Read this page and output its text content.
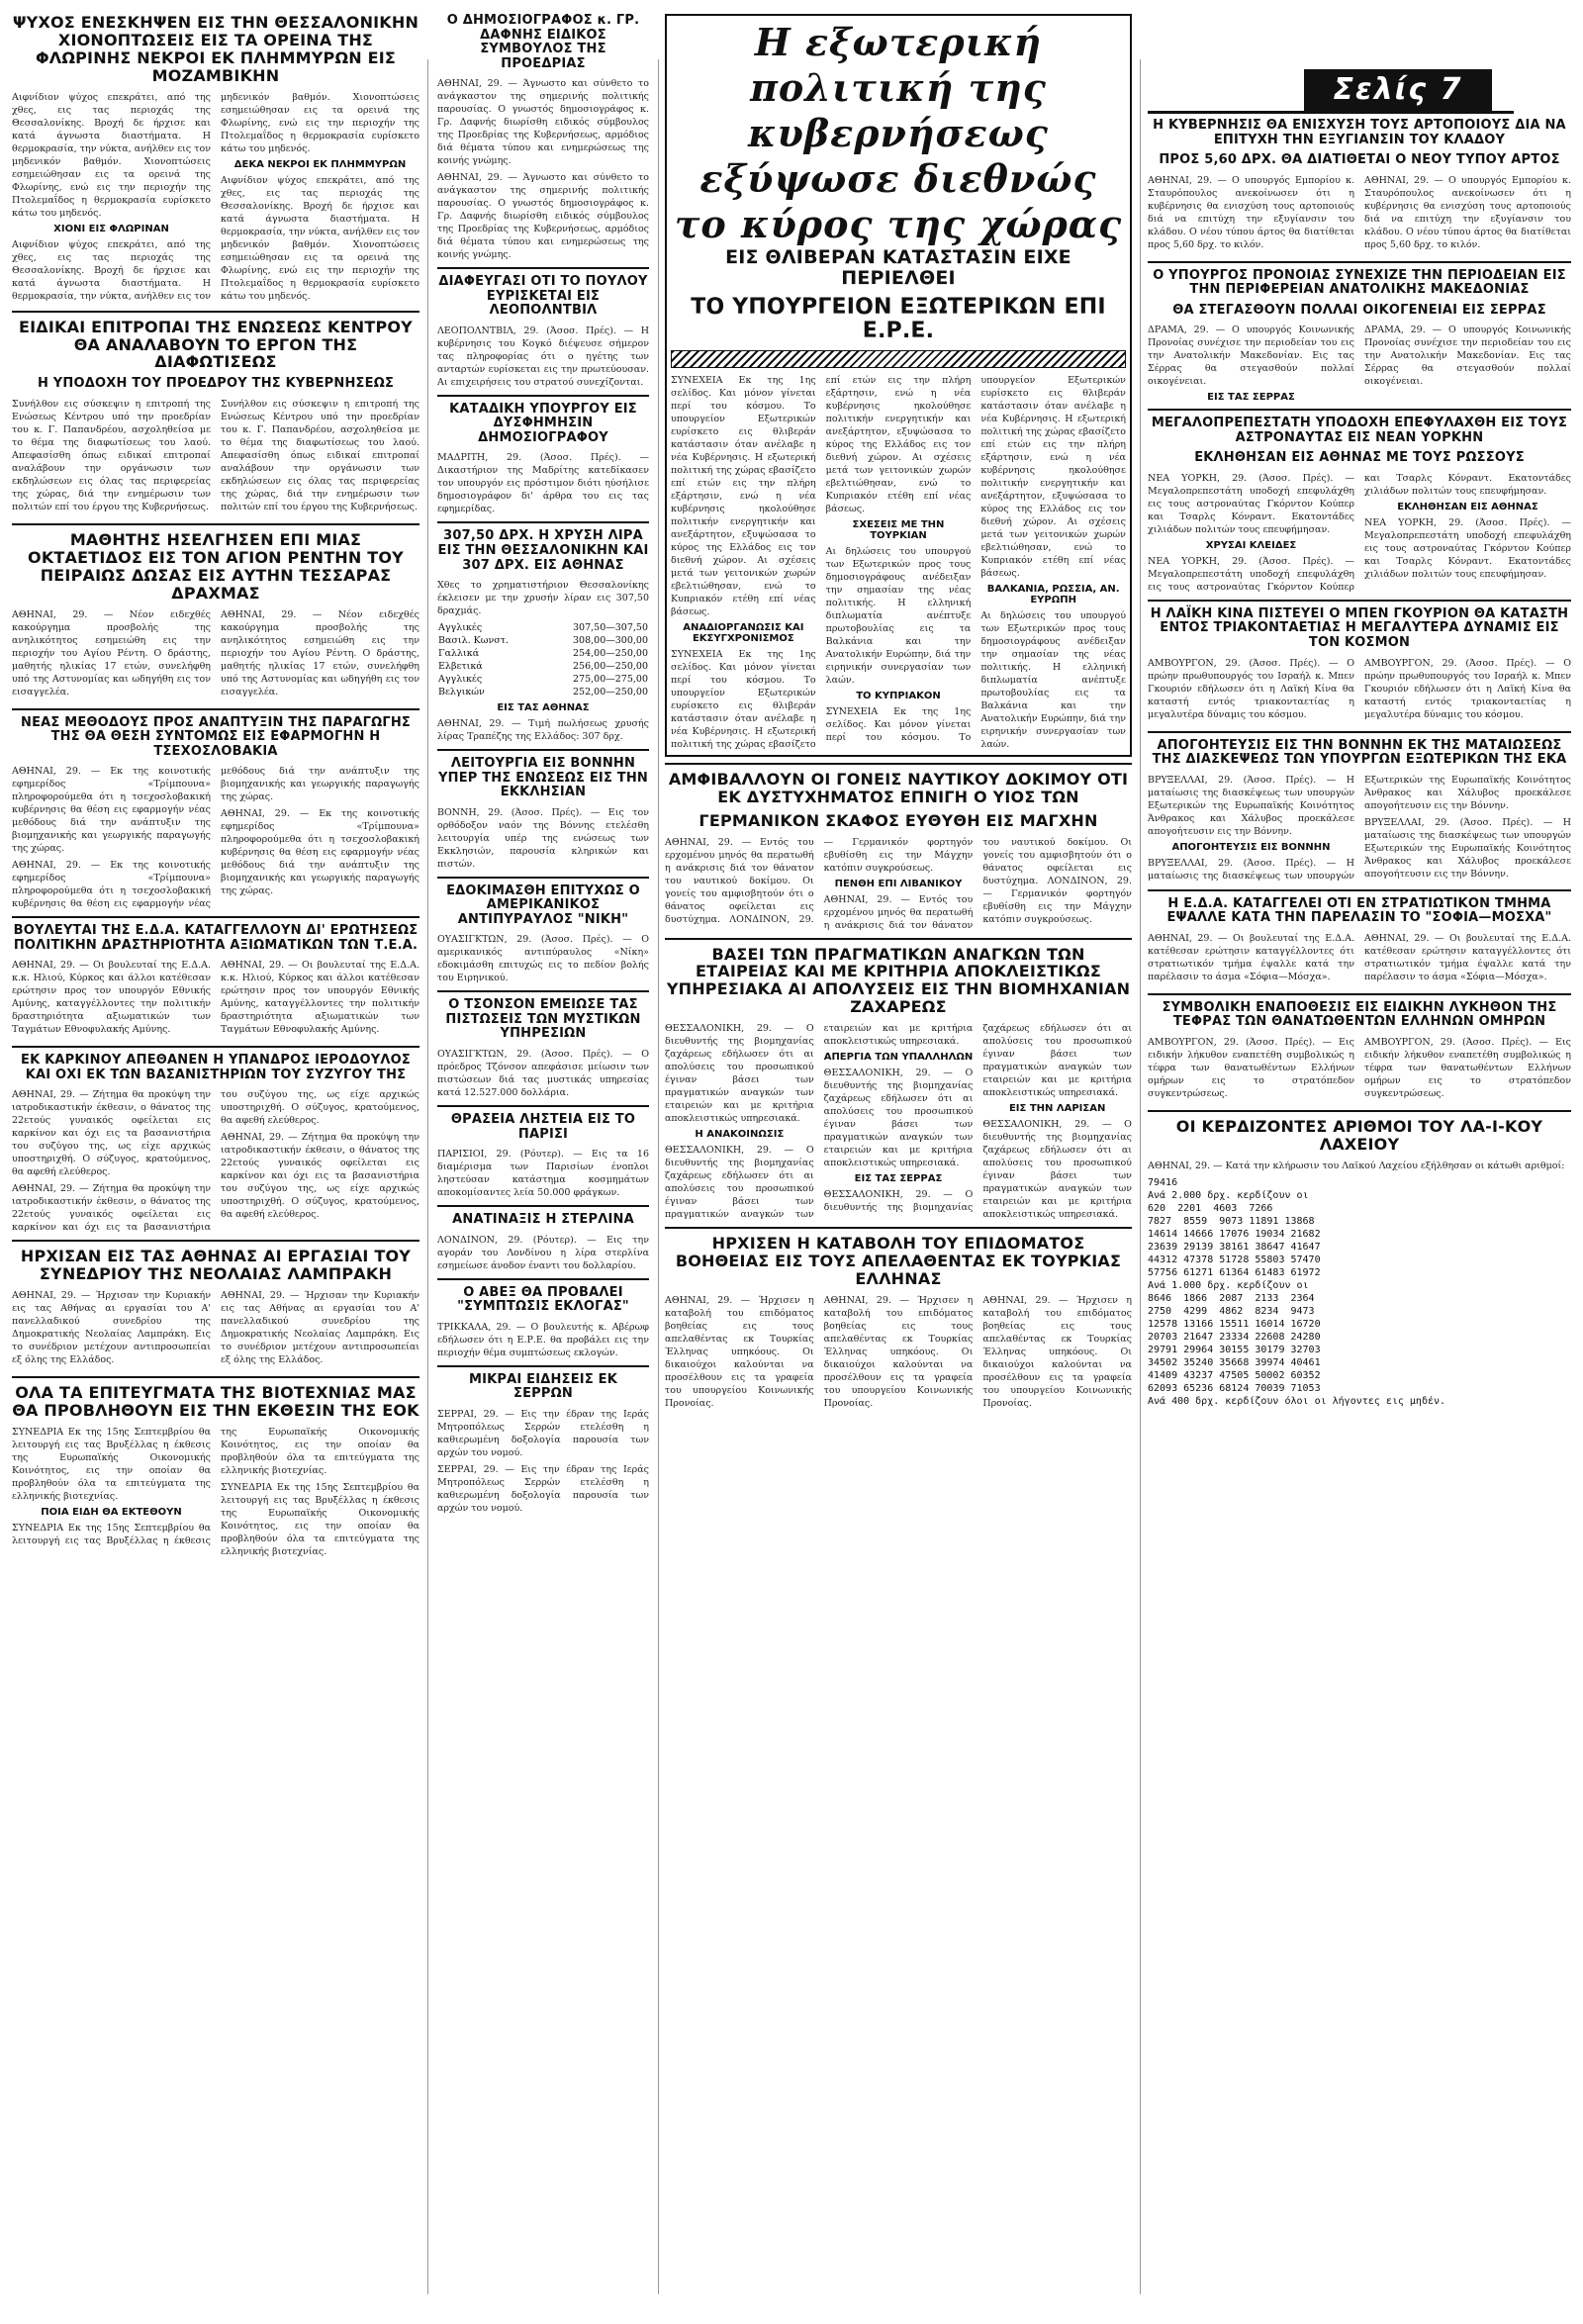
Σελίς 7
ΨΥΧΟΣ ΕΝΕΣΚΗΨΕΝ ΕΙΣ ΤΗΝ ΘΕΣΣΑΛΟΝΙΚΗΝ ΧΙΟΝΟΠΤΩΣΕΙΣ ΕΙΣ ΤΑ ΟΡΕΙΝΑ ΤΗΣ ΦΛΩΡΙΝΗΣ ΝΕΚΡΟΙ ΕΚ ΠΛΗΜΜΥΡΩΝ ΕΙΣ ΜΟΖΑΜΒΙΚΗΝ

Αιφνίδιον ψύχος επεκράτει, από της χθες, εις τας περιοχάς της Θεσσαλονίκης. Βροχή δε ήρχισε και κατά άγνωστα διαστήματα. Η θερμοκρασία, την νύκτα, ανήλθεν εις τον μηδενικόν βαθμόν. Χιονοπτώσεις εσημειώθησαν εις τα ορεινά της Φλωρίνης, ενώ εις την περιοχήν της Πτολεμαΐδος η θερμοκρασία ευρίσκετο κάτω του μηδενός.

ΧΙΟΝΙ ΕΙΣ ΦΛΩΡΙΝΑΝ

Αιφνίδιον ψύχος επεκράτει, από της χθες, εις τας περιοχάς της Θεσσαλονίκης. Βροχή δε ήρχισε και κατά άγνωστα διαστήματα. Η θερμοκρασία, την νύκτα, ανήλθεν εις τον μηδενικόν βαθμόν. Χιονοπτώσεις εσημειώθησαν εις τα ορεινά της Φλωρίνης, ενώ εις την περιοχήν της Πτολεμαΐδος η θερμοκρασία ευρίσκετο κάτω του μηδενός.

ΔΕΚΑ ΝΕΚΡΟΙ ΕΚ ΠΛΗΜΜΥΡΩΝ

Αιφνίδιον ψύχος επεκράτει, από της χθες, εις τας περιοχάς της Θεσσαλονίκης. Βροχή δε ήρχισε και κατά άγνωστα διαστήματα. Η θερμοκρασία, την νύκτα, ανήλθεν εις τον μηδενικόν βαθμόν. Χιονοπτώσεις εσημειώθησαν εις τα ορεινά της Φλωρίνης, ενώ εις την περιοχήν της Πτολεμαΐδος η θερμοκρασία ευρίσκετο κάτω του μηδενός.

ΕΙΔΙΚΑΙ ΕΠΙΤΡΟΠΑΙ ΤΗΣ ΕΝΩΣΕΩΣ ΚΕΝΤΡΟΥ ΘΑ ΑΝΑΛΑΒΟΥΝ ΤΟ ΕΡΓΟΝ ΤΗΣ ΔΙΑΦΩΤΙΣΕΩΣ
Η ΥΠΟΔΟΧΗ ΤΟΥ ΠΡΟΕΔΡΟΥ ΤΗΣ ΚΥΒΕΡΝΗΣΕΩΣ

Συνήλθον εις σύσκεψιν η επιτροπή της Ενώσεως Κέντρου υπό την προεδρίαν του κ. Γ. Παπανδρέου, ασχοληθείσα με το θέμα της διαφωτίσεως του λαού. Απεφασίσθη όπως ειδικαί επιτροπαί αναλάβουν την οργάνωσιν των εκδηλώσεων εις όλας τας περιφερείας της χώρας, διά την ενημέρωσιν των πολιτών επί του έργου της Κυβερνήσεως.

Συνήλθον εις σύσκεψιν η επιτροπή της Ενώσεως Κέντρου υπό την προεδρίαν του κ. Γ. Παπανδρέου, ασχοληθείσα με το θέμα της διαφωτίσεως του λαού. Απεφασίσθη όπως ειδικαί επιτροπαί αναλάβουν την οργάνωσιν των εκδηλώσεων εις όλας τας περιφερείας της χώρας, διά την ενημέρωσιν των πολιτών επί του έργου της Κυβερνήσεως.

ΜΑΘΗΤΗΣ ΗΣΕΛΓΗΣΕΝ ΕΠΙ ΜΙΑΣ ΟΚΤΑΕΤΙΔΟΣ ΕΙΣ ΤΟΝ ΑΓΙΟΝ ΡΕΝΤΗΝ ΤΟΥ ΠΕΙΡΑΙΩΣ ΔΩΣΑΣ ΕΙΣ ΑΥΤΗΝ ΤΕΣΣΑΡΑΣ ΔΡΑΧΜΑΣ

ΑΘΗΝΑΙ, 29. — Νέον ειδεχθές κακούργημα προσβολής της ανηλικότητος εσημειώθη εις την περιοχήν του Αγίου Ρέντη. Ο δράστης, μαθητής ηλικίας 17 ετών, συνελήφθη υπό της Αστυνομίας και ωδηγήθη εις τον εισαγγελέα.

ΑΘΗΝΑΙ, 29. — Νέον ειδεχθές κακούργημα προσβολής της ανηλικότητος εσημειώθη εις την περιοχήν του Αγίου Ρέντη. Ο δράστης, μαθητής ηλικίας 17 ετών, συνελήφθη υπό της Αστυνομίας και ωδηγήθη εις τον εισαγγελέα.

ΝΕΑΣ ΜΕΘΟΔΟΥΣ ΠΡΟΣ ΑΝΑΠΤΥΞΙΝ ΤΗΣ ΠΑΡΑΓΩΓΗΣ ΤΗΣ ΘΑ ΘΕΣΗ ΣΥΝΤΟΜΩΣ ΕΙΣ ΕΦΑΡΜΟΓΗΝ Η ΤΣΕΧΟΣΛΟΒΑΚΙΑ

ΑΘΗΝΑΙ, 29. — Εκ της κοινοτικής εφημερίδος «Τρίμπουνα» πληροφορούμεθα ότι η τσεχοσλοβακική κυβέρνησις θα θέση εις εφαρμογήν νέας μεθόδους διά την ανάπτυξιν της βιομηχανικής και γεωργικής παραγωγής της χώρας.

ΑΘΗΝΑΙ, 29. — Εκ της κοινοτικής εφημερίδος «Τρίμπουνα» πληροφορούμεθα ότι η τσεχοσλοβακική κυβέρνησις θα θέση εις εφαρμογήν νέας μεθόδους διά την ανάπτυξιν της βιομηχανικής και γεωργικής παραγωγής της χώρας.

ΑΘΗΝΑΙ, 29. — Εκ της κοινοτικής εφημερίδος «Τρίμπουνα» πληροφορούμεθα ότι η τσεχοσλοβακική κυβέρνησις θα θέση εις εφαρμογήν νέας μεθόδους διά την ανάπτυξιν της βιομηχανικής και γεωργικής παραγωγής της χώρας.

ΒΟΥΛΕΥΤΑΙ ΤΗΣ Ε.Δ.Α. ΚΑΤΑΓΓΕΛΛΟΥΝ ΔΙ' ΕΡΩΤΗΣΕΩΣ ΠΟΛΙΤΙΚΗΝ ΔΡΑΣΤΗΡΙΟΤΗΤΑ ΑΞΙΩΜΑΤΙΚΩΝ ΤΩΝ Τ.Ε.Α.

ΑΘΗΝΑΙ, 29. — Οι βουλευταί της Ε.Δ.Α. κ.κ. Ηλιού, Κύρκος και άλλοι κατέθεσαν ερώτησιν προς τον υπουργόν Εθνικής Αμύνης, καταγγέλλοντες την πολιτικήν δραστηριότητα αξιωματικών των Ταγμάτων Εθνοφυλακής Αμύνης.

ΑΘΗΝΑΙ, 29. — Οι βουλευταί της Ε.Δ.Α. κ.κ. Ηλιού, Κύρκος και άλλοι κατέθεσαν ερώτησιν προς τον υπουργόν Εθνικής Αμύνης, καταγγέλλοντες την πολιτικήν δραστηριότητα αξιωματικών των Ταγμάτων Εθνοφυλακής Αμύνης.

ΕΚ ΚΑΡΚΙΝΟΥ ΑΠΕΘΑΝΕΝ Η ΥΠΑΝΔΡΟΣ ΙΕΡΟΔΟΥΛΟΣ ΚΑΙ ΟΧΙ ΕΚ ΤΩΝ ΒΑΣΑΝΙΣΤΗΡΙΩΝ ΤΟΥ ΣΥΖΥΓΟΥ ΤΗΣ

ΑΘΗΝΑΙ, 29. — Ζήτημα θα προκύψη την ιατροδικαστικήν έκθεσιν, ο θάνατος της 22ετούς γυναικός οφείλεται εις καρκίνον και όχι εις τα βασανιστήρια του συζύγου της, ως είχε αρχικώς υποστηριχθή. Ο σύζυγος, κρατούμενος, θα αφεθή ελεύθερος.

ΑΘΗΝΑΙ, 29. — Ζήτημα θα προκύψη την ιατροδικαστικήν έκθεσιν, ο θάνατος της 22ετούς γυναικός οφείλεται εις καρκίνον και όχι εις τα βασανιστήρια του συζύγου της, ως είχε αρχικώς υποστηριχθή. Ο σύζυγος, κρατούμενος, θα αφεθή ελεύθερος.

ΑΘΗΝΑΙ, 29. — Ζήτημα θα προκύψη την ιατροδικαστικήν έκθεσιν, ο θάνατος της 22ετούς γυναικός οφείλεται εις καρκίνον και όχι εις τα βασανιστήρια του συζύγου της, ως είχε αρχικώς υποστηριχθή. Ο σύζυγος, κρατούμενος, θα αφεθή ελεύθερος.

ΗΡΧΙΣΑΝ ΕΙΣ ΤΑΣ ΑΘΗΝΑΣ ΑΙ ΕΡΓΑΣΙΑΙ ΤΟΥ ΣΥΝΕΔΡΙΟΥ ΤΗΣ ΝΕΟΛΑΙΑΣ ΛΑΜΠΡΑΚΗ

ΑΘΗΝΑΙ, 29. — Ήρχισαν την Κυριακήν εις τας Αθήνας αι εργασίαι του Α' πανελλαδικού συνεδρίου της Δημοκρατικής Νεολαίας Λαμπράκη. Εις το συνέδριον μετέχουν αντιπροσωπείαι εξ όλης της Ελλάδος.

ΑΘΗΝΑΙ, 29. — Ήρχισαν την Κυριακήν εις τας Αθήνας αι εργασίαι του Α' πανελλαδικού συνεδρίου της Δημοκρατικής Νεολαίας Λαμπράκη. Εις το συνέδριον μετέχουν αντιπροσωπείαι εξ όλης της Ελλάδος.

ΟΛΑ ΤΑ ΕΠΙΤΕΥΓΜΑΤΑ ΤΗΣ ΒΙΟΤΕΧΝΙΑΣ ΜΑΣ ΘΑ ΠΡΟΒΛΗΘΟΥΝ ΕΙΣ ΤΗΝ ΕΚΘΕΣΙΝ ΤΗΣ ΕΟΚ

ΣΥΝΕΔΡΙΑ Εκ της 15ης Σεπτεμβρίου θα λειτουργή εις τας Βρυξέλλας η έκθεσις της Ευρωπαϊκής Οικονομικής Κοινότητος, εις την οποίαν θα προβληθούν όλα τα επιτεύγματα της ελληνικής βιοτεχνίας.

ΠΟΙΑ ΕΙΔΗ ΘΑ ΕΚΤΕΘΟΥΝ

ΣΥΝΕΔΡΙΑ Εκ της 15ης Σεπτεμβρίου θα λειτουργή εις τας Βρυξέλλας η έκθεσις της Ευρωπαϊκής Οικονομικής Κοινότητος, εις την οποίαν θα προβληθούν όλα τα επιτεύγματα της ελληνικής βιοτεχνίας.

ΣΥΝΕΔΡΙΑ Εκ της 15ης Σεπτεμβρίου θα λειτουργή εις τας Βρυξέλλας η έκθεσις της Ευρωπαϊκής Οικονομικής Κοινότητος, εις την οποίαν θα προβληθούν όλα τα επιτεύγματα της ελληνικής βιοτεχνίας.

Ο ΔΗΜΟΣΙΟΓΡΑΦΟΣ κ. ΓΡ. ΔΑΦΝΗΣ ΕΙΔΙΚΟΣ ΣΥΜΒΟΥΛΟΣ ΤΗΣ ΠΡΟΕΔΡΙΑΣ

ΑΘΗΝΑΙ, 29. — Άγνωστο και σύνθετο το ανάγκαστον της σημερινής πολιτικής παρουσίας. Ο γνωστός δημοσιογράφος κ. Γρ. Δαφνής διωρίσθη ειδικός σύμβουλος της Προεδρίας της Κυβερνήσεως, αρμόδιος διά θέματα τύπου και ενημερώσεως της κοινής γνώμης.

ΑΘΗΝΑΙ, 29. — Άγνωστο και σύνθετο το ανάγκαστον της σημερινής πολιτικής παρουσίας. Ο γνωστός δημοσιογράφος κ. Γρ. Δαφνής διωρίσθη ειδικός σύμβουλος της Προεδρίας της Κυβερνήσεως, αρμόδιος διά θέματα τύπου και ενημερώσεως της κοινής γνώμης.

ΔΙΑΦΕΥΓΑΣΙ ΟΤΙ ΤΟ ΠΟΥΛΟΥ ΕΥΡΙΣΚΕΤΑΙ ΕΙΣ ΛΕΟΠΟΛΝΤΒΙΛ

ΛΕΟΠΟΛΝΤΒΙΛ, 29. (Άσοσ. Πρές). — Η κυβέρνησις του Κογκό διέψευσε σήμερον τας πληροφορίας ότι ο ηγέτης των ανταρτών ευρίσκεται εις την πρωτεύουσαν. Αι επιχειρήσεις του στρατού συνεχίζονται.

ΚΑΤΑΔΙΚΗ ΥΠΟΥΡΓΟΥ ΕΙΣ ΔΥΣΦΗΜΗΣΙΝ ΔΗΜΟΣΙΟΓΡΑΦΟΥ

ΜΑΔΡΙΤΗ, 29. (Άσοσ. Πρές). — Δικαστήριον της Μαδρίτης κατεδίκασεν τον υπουργόν εις πρόστιμον διότι ηύσήλισε δημοσιογράφον δι' άρθρα του εις τας εφημερίδας.

307,50 ΔΡΧ. Η ΧΡΥΣΗ ΛΙΡΑ ΕΙΣ ΤΗΝ ΘΕΣΣΑΛΟΝΙΚΗΝ ΚΑΙ 307 ΔΡΧ. ΕΙΣ ΑΘΗΝΑΣ

Χθες το χρηματιστήριον Θεσσαλονίκης έκλεισεν με την χρυσήν λίραν εις 307,50 δραχμάς.

Αγγλικές	307,50—307,50
Βασιλ. Κωνστ.	308,00—300,00
Γαλλικά	254,00—250,00
Ελβετικά	256,00—250,00
Αγγλικές	275,00—275,00
Βελγικών	252,00—250,00
ΕΙΣ ΤΑΣ ΑΘΗΝΑΣ

ΑΘΗΝΑΙ, 29. — Τιμή πωλήσεως χρυσής λίρας Τραπέζης της Ελλάδος: 307 δρχ.

ΛΕΙΤΟΥΡΓΙΑ ΕΙΣ ΒΟΝΝΗΝ ΥΠΕΡ ΤΗΣ ΕΝΩΣΕΩΣ ΕΙΣ ΤΗΝ ΕΚΚΛΗΣΙΑΝ

ΒΟΝΝΗ, 29. (Άσοσ. Πρές). — Εις τον ορθόδοξον ναόν της Βόννης ετελέσθη λειτουργία υπέρ της ενώσεως των Εκκλησιών, παρουσία κληρικών και πιστών.

ΕΔΟΚΙΜΑΣΘΗ ΕΠΙΤΥΧΩΣ Ο ΑΜΕΡΙΚΑΝΙΚΟΣ ΑΝΤΙΠΥΡΑΥΛΟΣ "ΝΙΚΗ"

ΟΥΑΣΙΓΚΤΩΝ, 29. (Άσοσ. Πρές). — Ο αμερικανικός αντιπύραυλος «Νίκη» εδοκιμάσθη επιτυχώς εις το πεδίον βολής του Ειρηνικού.

Ο ΤΣΟΝΣΟΝ ΕΜΕΙΩΣΕ ΤΑΣ ΠΙΣΤΩΣΕΙΣ ΤΩΝ ΜΥΣΤΙΚΩΝ ΥΠΗΡΕΣΙΩΝ

ΟΥΑΣΙΓΚΤΩΝ, 29. (Άσοσ. Πρές). — Ο πρόεδρος Τζόνσον απεφάσισε μείωσιν των πιστώσεων διά τας μυστικάς υπηρεσίας κατά 12.527.000 δολλάρια.

ΘΡΑΣΕΙΑ ΛΗΣΤΕΙΑ ΕΙΣ ΤΟ ΠΑΡΙΣΙ

ΠΑΡΙΣΙΟΙ, 29. (Ρόυτερ). — Εις τα 16 διαμέρισμα των Παρισίων ένοπλοι ληστεύσαν κατάστημα κοσμημάτων αποκομίσαντες λεία 50.000 φράγκων.

ΑΝΑΤΙΝΑΞΙΣ Η ΣΤΕΡΛΙΝΑ

ΛΟΝΔΙΝΟΝ, 29. (Ρόυτερ). — Εις την αγοράν του Λονδίνου η λίρα στερλίνα εσημείωσε άνοδον έναντι του δολλαρίου.

Ο ΑΒΕΞ ΘΑ ΠΡΟΒΑΛΕΙ "ΣΥΜΠΤΩΣΙΣ ΕΚΛΟΓΑΣ"

ΤΡΙΚΚΑΛΑ, 29. — Ο βουλευτής κ. Αβέρωφ εδήλωσεν ότι η Ε.Ρ.Ε. θα προβάλει εις την περιοχήν θέμα συμπτώσεως εκλογών.

ΜΙΚΡΑΙ ΕΙΔΗΣΕΙΣ ΕΚ ΣΕΡΡΩΝ

ΣΕΡΡΑΙ, 29. — Εις την έδραν της Ιεράς Μητροπόλεως Σερρών ετελέσθη η καθιερωμένη δοξολογία παρουσία των αρχών του νομού.

ΣΕΡΡΑΙ, 29. — Εις την έδραν της Ιεράς Μητροπόλεως Σερρών ετελέσθη η καθιερωμένη δοξολογία παρουσία των αρχών του νομού.

Η εξωτερική πολιτική της κυβερνήσεως
εξύψωσε διεθνώς το κύρος της χώρας
ΕΙΣ ΘΛΙΒΕΡΑΝ ΚΑΤΑΣΤΑΣΙΝ ΕΙΧΕ ΠΕΡΙΕΛΘΕΙ
ΤΟ ΥΠΟΥΡΓΕΙΟΝ ΕΞΩΤΕΡΙΚΩΝ ΕΠΙ Ε.Ρ.Ε.

ΣΥΝΕΧΕΙΑ Εκ της 1ης σελίδος. Και μόνον γίνεται περί του κόσμου. Το υπουργείον Εξωτερικών ευρίσκετο εις θλιβεράν κατάστασιν όταν ανέλαβε η νέα Κυβέρνησις. Η εξωτερική πολιτική της χώρας εβασίζετο επί ετών εις την πλήρη εξάρτησιν, ενώ η νέα κυβέρνησις ηκολούθησε πολιτικήν ενεργητικήν και ανεξάρτητον, εξυψώσασα το κύρος της Ελλάδος εις τον διεθνή χώρον. Αι σχέσεις μετά των γειτονικών χωρών εβελτιώθησαν, ενώ το Κυπριακόν ετέθη επί νέας βάσεως.

ΑΝΑΔΙΟΡΓΑΝΩΣΙΣ ΚΑΙ ΕΚΣΥΓΧΡΟΝΙΣΜΟΣ

ΣΥΝΕΧΕΙΑ Εκ της 1ης σελίδος. Και μόνον γίνεται περί του κόσμου. Το υπουργείον Εξωτερικών ευρίσκετο εις θλιβεράν κατάστασιν όταν ανέλαβε η νέα Κυβέρνησις. Η εξωτερική πολιτική της χώρας εβασίζετο επί ετών εις την πλήρη εξάρτησιν, ενώ η νέα κυβέρνησις ηκολούθησε πολιτικήν ενεργητικήν και ανεξάρτητον, εξυψώσασα το κύρος της Ελλάδος εις τον διεθνή χώρον. Αι σχέσεις μετά των γειτονικών χωρών εβελτιώθησαν, ενώ το Κυπριακόν ετέθη επί νέας βάσεως.

ΣΧΕΣΕΙΣ ΜΕ ΤΗΝ ΤΟΥΡΚΙΑΝ

Αι δηλώσεις του υπουργού των Εξωτερικών προς τους δημοσιογράφους ανέδειξαν την σημασίαν της νέας πολιτικής. Η ελληνική διπλωματία ανέπτυξε πρωτοβουλίας εις τα Βαλκάνια και την Ανατολικήν Ευρώπην, διά την ειρηνικήν συνεργασίαν των λαών.

ΤΟ ΚΥΠΡΙΑΚΟΝ

ΣΥΝΕΧΕΙΑ Εκ της 1ης σελίδος. Και μόνον γίνεται περί του κόσμου. Το υπουργείον Εξωτερικών ευρίσκετο εις θλιβεράν κατάστασιν όταν ανέλαβε η νέα Κυβέρνησις. Η εξωτερική πολιτική της χώρας εβασίζετο επί ετών εις την πλήρη εξάρτησιν, ενώ η νέα κυβέρνησις ηκολούθησε πολιτικήν ενεργητικήν και ανεξάρτητον, εξυψώσασα το κύρος της Ελλάδος εις τον διεθνή χώρον. Αι σχέσεις μετά των γειτονικών χωρών εβελτιώθησαν, ενώ το Κυπριακόν ετέθη επί νέας βάσεως.

ΒΑΛΚΑΝΙΑ, ΡΩΣΣΙΑ, ΑΝ. ΕΥΡΩΠΗ

Αι δηλώσεις του υπουργού των Εξωτερικών προς τους δημοσιογράφους ανέδειξαν την σημασίαν της νέας πολιτικής. Η ελληνική διπλωματία ανέπτυξε πρωτοβουλίας εις τα Βαλκάνια και την Ανατολικήν Ευρώπην, διά την ειρηνικήν συνεργασίαν των λαών.

ΑΜΦΙΒΑΛΛΟΥΝ ΟΙ ΓΟΝΕΙΣ ΝΑΥΤΙΚΟΥ ΔΟΚΙΜΟΥ ΟΤΙ ΕΚ ΔΥΣΤΥΧΗΜΑΤΟΣ ΕΠΝΙΓΗ Ο ΥΙΟΣ ΤΩΝ
ΓΕΡΜΑΝΙΚΟΝ ΣΚΑΦΟΣ ΕΥΘΥΘΗ ΕΙΣ ΜΑΓΧΗΝ

ΑΘΗΝΑΙ, 29. — Εντός του ερχομένου μηνός θα περατωθή η ανάκρισις διά τον θάνατον του ναυτικού δοκίμου. Οι γονείς του αμφισβητούν ότι ο θάνατος οφείλεται εις δυστύχημα. ΛΟΝΔΙΝΟΝ, 29. — Γερμανικόν φορτηγόν εβυθίσθη εις την Μάγχην κατόπιν συγκρούσεως.

ΠΕΝΘΗ ΕΠΙ ΛΙΒΑΝΙΚΟΥ

ΑΘΗΝΑΙ, 29. — Εντός του ερχομένου μηνός θα περατωθή η ανάκρισις διά τον θάνατον του ναυτικού δοκίμου. Οι γονείς του αμφισβητούν ότι ο θάνατος οφείλεται εις δυστύχημα. ΛΟΝΔΙΝΟΝ, 29. — Γερμανικόν φορτηγόν εβυθίσθη εις την Μάγχην κατόπιν συγκρούσεως.

ΒΑΣΕΙ ΤΩΝ ΠΡΑΓΜΑΤΙΚΩΝ ΑΝΑΓΚΩΝ ΤΩΝ ΕΤΑΙΡΕΙΑΣ ΚΑΙ ΜΕ ΚΡΙΤΗΡΙΑ ΑΠΟΚΛΕΙΣΤΙΚΩΣ ΥΠΗΡΕΣΙΑΚΑ ΑΙ ΑΠΟΛΥΣΕΙΣ ΕΙΣ ΤΗΝ ΒΙΟΜΗΧΑΝΙΑΝ ΖΑΧΑΡΕΩΣ

ΘΕΣΣΑΛΟΝΙΚΗ, 29. — Ο διευθυντής της βιομηχανίας ζαχάρεως εδήλωσεν ότι αι απολύσεις του προσωπικού έγιναν βάσει των πραγματικών αναγκών των εταιρειών και με κριτήρια αποκλειστικώς υπηρεσιακά.

Η ΑΝΑΚΟΙΝΩΣΙΣ

ΘΕΣΣΑΛΟΝΙΚΗ, 29. — Ο διευθυντής της βιομηχανίας ζαχάρεως εδήλωσεν ότι αι απολύσεις του προσωπικού έγιναν βάσει των πραγματικών αναγκών των εταιρειών και με κριτήρια αποκλειστικώς υπηρεσιακά.

ΑΠΕΡΓΙΑ ΤΩΝ ΥΠΑΛΛΗΛΩΝ

ΘΕΣΣΑΛΟΝΙΚΗ, 29. — Ο διευθυντής της βιομηχανίας ζαχάρεως εδήλωσεν ότι αι απολύσεις του προσωπικού έγιναν βάσει των πραγματικών αναγκών των εταιρειών και με κριτήρια αποκλειστικώς υπηρεσιακά.

ΕΙΣ ΤΑΣ ΣΕΡΡΑΣ

ΘΕΣΣΑΛΟΝΙΚΗ, 29. — Ο διευθυντής της βιομηχανίας ζαχάρεως εδήλωσεν ότι αι απολύσεις του προσωπικού έγιναν βάσει των πραγματικών αναγκών των εταιρειών και με κριτήρια αποκλειστικώς υπηρεσιακά.

ΕΙΣ ΤΗΝ ΛΑΡΙΣΑΝ

ΘΕΣΣΑΛΟΝΙΚΗ, 29. — Ο διευθυντής της βιομηχανίας ζαχάρεως εδήλωσεν ότι αι απολύσεις του προσωπικού έγιναν βάσει των πραγματικών αναγκών των εταιρειών και με κριτήρια αποκλειστικώς υπηρεσιακά.

ΗΡΧΙΣΕΝ Η ΚΑΤΑΒΟΛΗ ΤΟΥ ΕΠΙΔΟΜΑΤΟΣ ΒΟΗΘΕΙΑΣ ΕΙΣ ΤΟΥΣ ΑΠΕΛΑΘΕΝΤΑΣ ΕΚ ΤΟΥΡΚΙΑΣ ΕΛΛΗΝΑΣ

ΑΘΗΝΑΙ, 29. — Ήρχισεν η καταβολή του επιδόματος βοηθείας εις τους απελαθέντας εκ Τουρκίας Έλληνας υπηκόους. Οι δικαιούχοι καλούνται να προσέλθουν εις τα γραφεία του υπουργείου Κοινωνικής Προνοίας.

ΑΘΗΝΑΙ, 29. — Ήρχισεν η καταβολή του επιδόματος βοηθείας εις τους απελαθέντας εκ Τουρκίας Έλληνας υπηκόους. Οι δικαιούχοι καλούνται να προσέλθουν εις τα γραφεία του υπουργείου Κοινωνικής Προνοίας.

ΑΘΗΝΑΙ, 29. — Ήρχισεν η καταβολή του επιδόματος βοηθείας εις τους απελαθέντας εκ Τουρκίας Έλληνας υπηκόους. Οι δικαιούχοι καλούνται να προσέλθουν εις τα γραφεία του υπουργείου Κοινωνικής Προνοίας.

Η ΚΥΒΕΡΝΗΣΙΣ ΘΑ ΕΝΙΣΧΥΣΗ ΤΟΥΣ ΑΡΤΟΠΟΙΟΥΣ ΔΙΑ ΝΑ ΕΠΙΤΥΧΗ ΤΗΝ ΕΞΥΓΙΑΝΣΙΝ ΤΟΥ ΚΛΑΔΟΥ
ΠΡΟΣ 5,60 ΔΡΧ. ΘΑ ΔΙΑΤΙΘΕΤΑΙ Ο ΝΕΟΥ ΤΥΠΟΥ ΑΡΤΟΣ

ΑΘΗΝΑΙ, 29. — Ο υπουργός Εμπορίου κ. Σταυρόπουλος ανεκοίνωσεν ότι η κυβέρνησις θα ενισχύση τους αρτοποιούς διά να επιτύχη την εξυγίανσιν του κλάδου. Ο νέου τύπου άρτος θα διατίθεται προς 5,60 δρχ. το κιλόν.

ΑΘΗΝΑΙ, 29. — Ο υπουργός Εμπορίου κ. Σταυρόπουλος ανεκοίνωσεν ότι η κυβέρνησις θα ενισχύση τους αρτοποιούς διά να επιτύχη την εξυγίανσιν του κλάδου. Ο νέου τύπου άρτος θα διατίθεται προς 5,60 δρχ. το κιλόν.

Ο ΥΠΟΥΡΓΟΣ ΠΡΟΝΟΙΑΣ ΣΥΝΕΧΙΖΕ ΤΗΝ ΠΕΡΙΟΔΕΙΑΝ ΕΙΣ ΤΗΝ ΠΕΡΙΦΕΡΕΙΑΝ ΑΝΑΤΟΛΙΚΗΣ ΜΑΚΕΔΟΝΙΑΣ
ΘΑ ΣΤΕΓΑΣΘΟΥΝ ΠΟΛΛΑΙ ΟΙΚΟΓΕΝΕΙΑΙ ΕΙΣ ΣΕΡΡΑΣ

ΔΡΑΜΑ, 29. — Ο υπουργός Κοινωνικής Προνοίας συνέχισε την περιοδείαν του εις την Ανατολικήν Μακεδονίαν. Εις τας Σέρρας θα στεγασθούν πολλαί οικογένειαι.

ΕΙΣ ΤΑΣ ΣΕΡΡΑΣ

ΔΡΑΜΑ, 29. — Ο υπουργός Κοινωνικής Προνοίας συνέχισε την περιοδείαν του εις την Ανατολικήν Μακεδονίαν. Εις τας Σέρρας θα στεγασθούν πολλαί οικογένειαι.

ΜΕΓΑΛΟΠΡΕΠΕΣΤΑΤΗ ΥΠΟΔΟΧΗ ΕΠΕΦΥΛΑΧΘΗ ΕΙΣ ΤΟΥΣ ΑΣΤΡΟΝΑΥΤΑΣ ΕΙΣ ΝΕΑΝ ΥΟΡΚΗΝ
ΕΚΛΗΘΗΣΑΝ ΕΙΣ ΑΘΗΝΑΣ ΜΕ ΤΟΥΣ ΡΩΣΣΟΥΣ

ΝΕΑ ΥΟΡΚΗ, 29. (Άσοσ. Πρές). — Μεγαλοπρεπεστάτη υποδοχή επεφυλάχθη εις τους αστροναύτας Γκόρντον Κούπερ και Τσαρλς Κόνραντ. Εκατοντάδες χιλιάδων πολιτών τους επευφήμησαν.

ΧΡΥΣΑΙ ΚΛΕΙΔΕΣ

ΝΕΑ ΥΟΡΚΗ, 29. (Άσοσ. Πρές). — Μεγαλοπρεπεστάτη υποδοχή επεφυλάχθη εις τους αστροναύτας Γκόρντον Κούπερ και Τσαρλς Κόνραντ. Εκατοντάδες χιλιάδων πολιτών τους επευφήμησαν.

ΕΚΛΗΘΗΣΑΝ ΕΙΣ ΑΘΗΝΑΣ

ΝΕΑ ΥΟΡΚΗ, 29. (Άσοσ. Πρές). — Μεγαλοπρεπεστάτη υποδοχή επεφυλάχθη εις τους αστροναύτας Γκόρντον Κούπερ και Τσαρλς Κόνραντ. Εκατοντάδες χιλιάδων πολιτών τους επευφήμησαν.

Η ΛΑΪΚΗ ΚΙΝΑ ΠΙΣΤΕΥΕΙ Ο ΜΠΕΝ ΓΚΟΥΡΙΟΝ ΘΑ ΚΑΤΑΣΤΗ ΕΝΤΟΣ ΤΡΙΑΚΟΝΤΑΕΤΙΑΣ Η ΜΕΓΑΛΥΤΕΡΑ ΔΥΝΑΜΙΣ ΕΙΣ ΤΟΝ ΚΟΣΜΟΝ

ΑΜΒΟΥΡΓΟΝ, 29. (Άσοσ. Πρές). — Ο πρώην πρωθυπουργός του Ισραήλ κ. Μπεν Γκουριόν εδήλωσεν ότι η Λαϊκή Κίνα θα καταστή εντός τριακονταετίας η μεγαλυτέρα δύναμις του κόσμου.

ΑΜΒΟΥΡΓΟΝ, 29. (Άσοσ. Πρές). — Ο πρώην πρωθυπουργός του Ισραήλ κ. Μπεν Γκουριόν εδήλωσεν ότι η Λαϊκή Κίνα θα καταστή εντός τριακονταετίας η μεγαλυτέρα δύναμις του κόσμου.

ΑΠΟΓΟΗΤΕΥΣΙΣ ΕΙΣ ΤΗΝ ΒΟΝΝΗΝ ΕΚ ΤΗΣ ΜΑΤΑΙΩΣΕΩΣ ΤΗΣ ΔΙΑΣΚΕΨΕΩΣ ΤΩΝ ΥΠΟΥΡΓΩΝ ΕΞΩΤΕΡΙΚΩΝ ΤΗΣ ΕΚΑ

ΒΡΥΞΕΛΛΑΙ, 29. (Άσοσ. Πρές). — Η ματαίωσις της διασκέψεως των υπουργών Εξωτερικών της Ευρωπαϊκής Κοινότητος Άνθρακος και Χάλυβος προεκάλεσε απογοήτευσιν εις την Βόννην.

ΑΠΟΓΟΗΤΕΥΣΙΣ ΕΙΣ ΒΟΝΝΗΝ

ΒΡΥΞΕΛΛΑΙ, 29. (Άσοσ. Πρές). — Η ματαίωσις της διασκέψεως των υπουργών Εξωτερικών της Ευρωπαϊκής Κοινότητος Άνθρακος και Χάλυβος προεκάλεσε απογοήτευσιν εις την Βόννην.

ΒΡΥΞΕΛΛΑΙ, 29. (Άσοσ. Πρές). — Η ματαίωσις της διασκέψεως των υπουργών Εξωτερικών της Ευρωπαϊκής Κοινότητος Άνθρακος και Χάλυβος προεκάλεσε απογοήτευσιν εις την Βόννην.

Η Ε.Δ.Α. ΚΑΤΑΓΓΕΛΕΙ ΟΤΙ ΕΝ ΣΤΡΑΤΙΩΤΙΚΟΝ ΤΜΗΜΑ ΕΨΑΛΛΕ ΚΑΤΑ ΤΗΝ ΠΑΡΕΛΑΣΙΝ ΤΟ "ΣΟΦΙΑ—ΜΟΣΧΑ"

ΑΘΗΝΑΙ, 29. — Οι βουλευταί της Ε.Δ.Α. κατέθεσαν ερώτησιν καταγγέλλοντες ότι στρατιωτικόν τμήμα έψαλλε κατά την παρέλασιν το άσμα «Σόφια—Μόσχα».

ΑΘΗΝΑΙ, 29. — Οι βουλευταί της Ε.Δ.Α. κατέθεσαν ερώτησιν καταγγέλλοντες ότι στρατιωτικόν τμήμα έψαλλε κατά την παρέλασιν το άσμα «Σόφια—Μόσχα».

ΣΥΜΒΟΛΙΚΗ ΕΝΑΠΟΘΕΣΙΣ ΕΙΣ ΕΙΔΙΚΗΝ ΛΥΚΗΘΟΝ ΤΗΣ ΤΕΦΡΑΣ ΤΩΝ ΘΑΝΑΤΩΘΕΝΤΩΝ ΕΛΛΗΝΩΝ ΟΜΗΡΩΝ

ΑΜΒΟΥΡΓΟΝ, 29. (Άσοσ. Πρές). — Εις ειδικήν λήκυθον εναπετέθη συμβολικώς η τέφρα των θανατωθέντων Ελλήνων ομήρων εις το στρατόπεδον συγκεντρώσεως.

ΑΜΒΟΥΡΓΟΝ, 29. (Άσοσ. Πρές). — Εις ειδικήν λήκυθον εναπετέθη συμβολικώς η τέφρα των θανατωθέντων Ελλήνων ομήρων εις το στρατόπεδον συγκεντρώσεως.

ΟΙ ΚΕΡΔΙΖΟΝΤΕΣ ΑΡΙΘΜΟΙ ΤΟΥ ΛΑ-Ι-ΚΟΥ ΛΑΧΕΙΟΥ

ΑΘΗΝΑΙ, 29. — Κατά την κλήρωσιν του Λαϊκού Λαχείου εξήλθησαν οι κάτωθι αριθμοί:

79416
Ανά 2.000 δρχ. κερδίζουν οι
620  2201  4603  7266
7827  8559  9073 11891 13868
14614 14666 17076 19034 21682
23639 29139 38161 38647 41647
44312 47378 51728 55803 57470
57756 61271 61364 61483 61972
Ανά 1.000 δρχ. κερδίζουν οι
8646  1866  2087  2133  2364
2750  4299  4862  8234  9473
12578 13166 15511 16014 16720
20703 21647 23334 22608 24280
29791 29964 30155 30179 32703
34502 35240 35668 39974 40461
41409 43237 47505 50002 60352
62093 65236 68124 70039 71053
Ανά 400 δρχ. κερδίζουν όλοι οι λήγοντες εις μηδέν.
